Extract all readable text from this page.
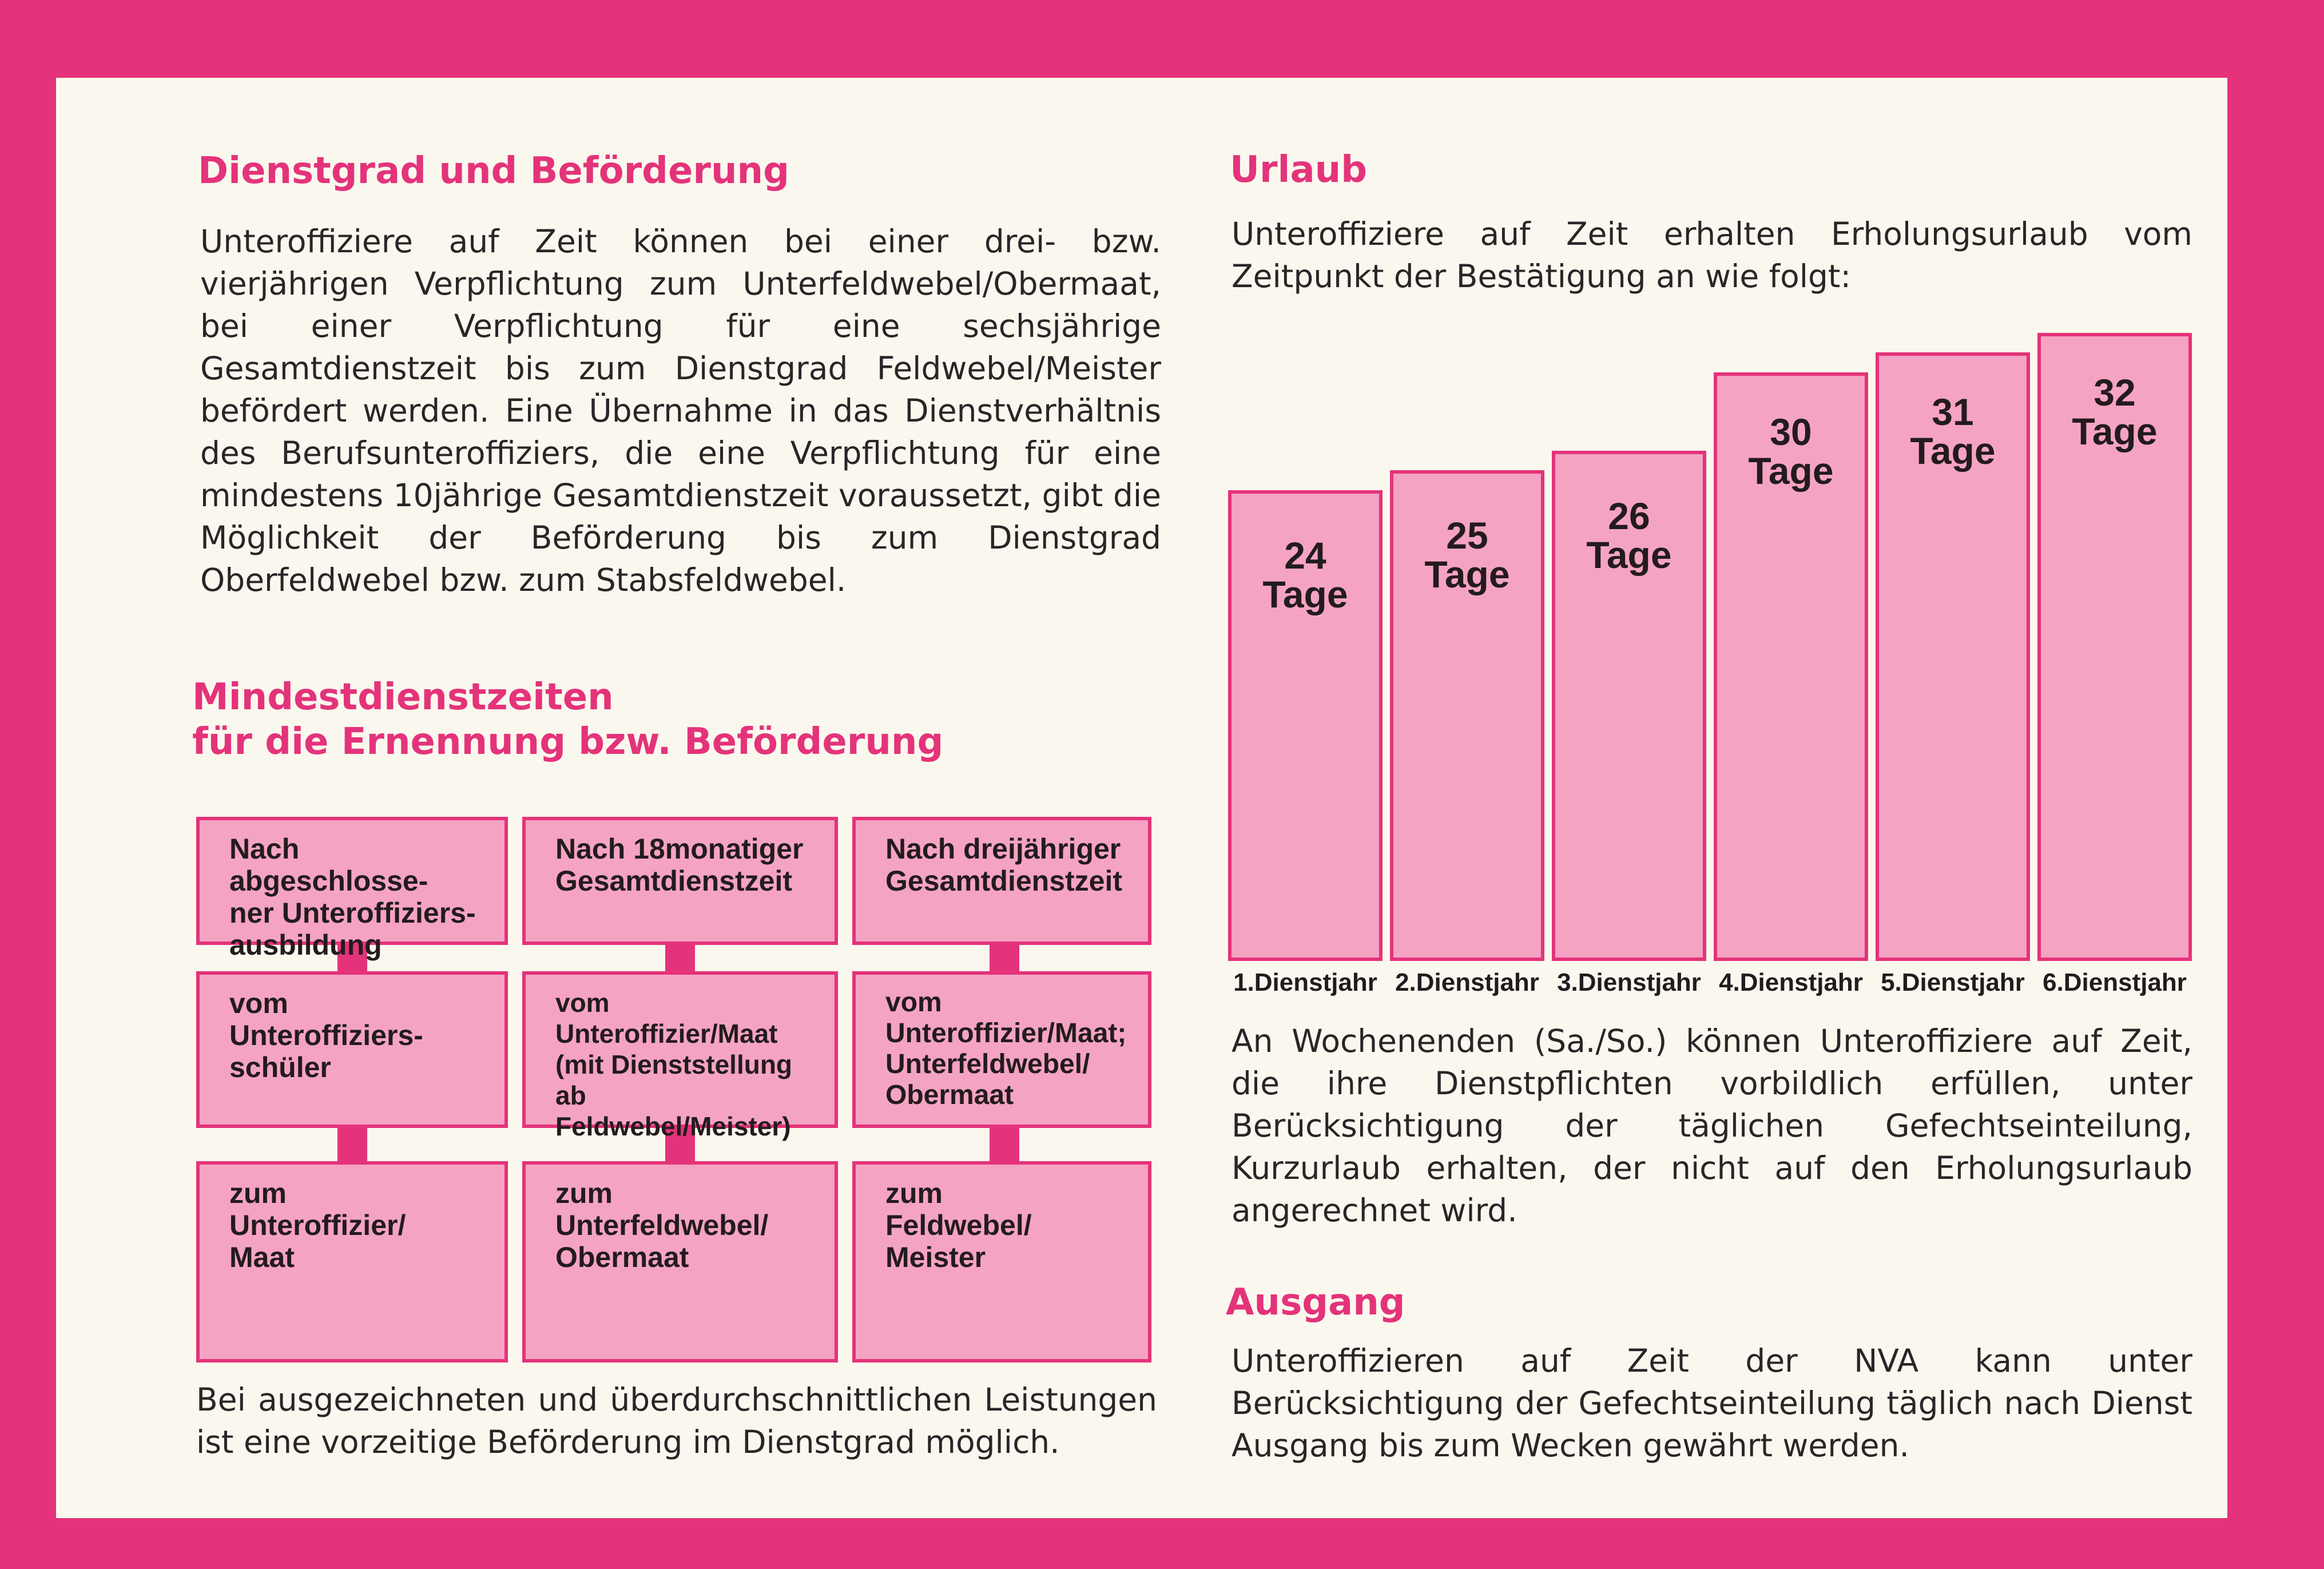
Dienstgrad und Beförderung

Unteroffiziere auf Zeit können bei einer drei- bzw. vierjährigen Verpflichtung zum Unterfeldwebel/Obermaat, bei einer Verpflichtung für eine sechsjährige Gesamtdienstzeit bis zum Dienstgrad Feldwebel/Meister befördert werden. Eine Übernahme in das Dienstverhältnis des Berufsunteroffiziers, die eine Verpflichtung für eine mindestens 10jährige Gesamtdienstzeit voraussetzt, gibt die Möglichkeit der Beförderung bis zum Dienstgrad Oberfeldwebel bzw. zum Stabsfeldwebel.

Mindestdienstzeiten
für die Ernennung bzw. Beförderung
Nach abgeschlosse-
ner Unteroffiziers-
ausbildung
vom
Unteroffiziers-
schüler
zum
Unteroffizier/
Maat
Nach 18monatiger
Gesamtdienstzeit
vom
Unteroffizier/Maat
(mit Dienststellung ab
Feldwebel/Meister)
zum
Unterfeldwebel/
Obermaat
Nach dreijähriger
Gesamtdienstzeit
vom
Unteroffizier/Maat;
Unterfeldwebel/
Obermaat
zum
Feldwebel/
Meister

Bei ausgezeichneten und überdurchschnittlichen Leistungen ist eine vorzeitige Beförderung im Dienstgrad möglich.

Urlaub

Unteroffiziere auf Zeit erhalten Erholungsurlaub vom Zeitpunkt der Bestätigung an wie folgt:

24
Tage
1.Dienstjahr
25
Tage
2.Dienstjahr
26
Tage
3.Dienstjahr
30
Tage
4.Dienstjahr
31
Tage
5.Dienstjahr
32
Tage
6.Dienstjahr

An Wochenenden (Sa./So.) können Unteroffiziere auf Zeit, die ihre Dienstpflichten vorbildlich erfüllen, unter Berücksichtigung der täglichen Gefechtseinteilung, Kurzurlaub erhalten, der nicht auf den Erholungsurlaub angerechnet wird.

Ausgang

Unteroffizieren auf Zeit der NVA kann unter Berücksichtigung der Gefechtseinteilung täglich nach Dienst Ausgang bis zum Wecken gewährt werden.
